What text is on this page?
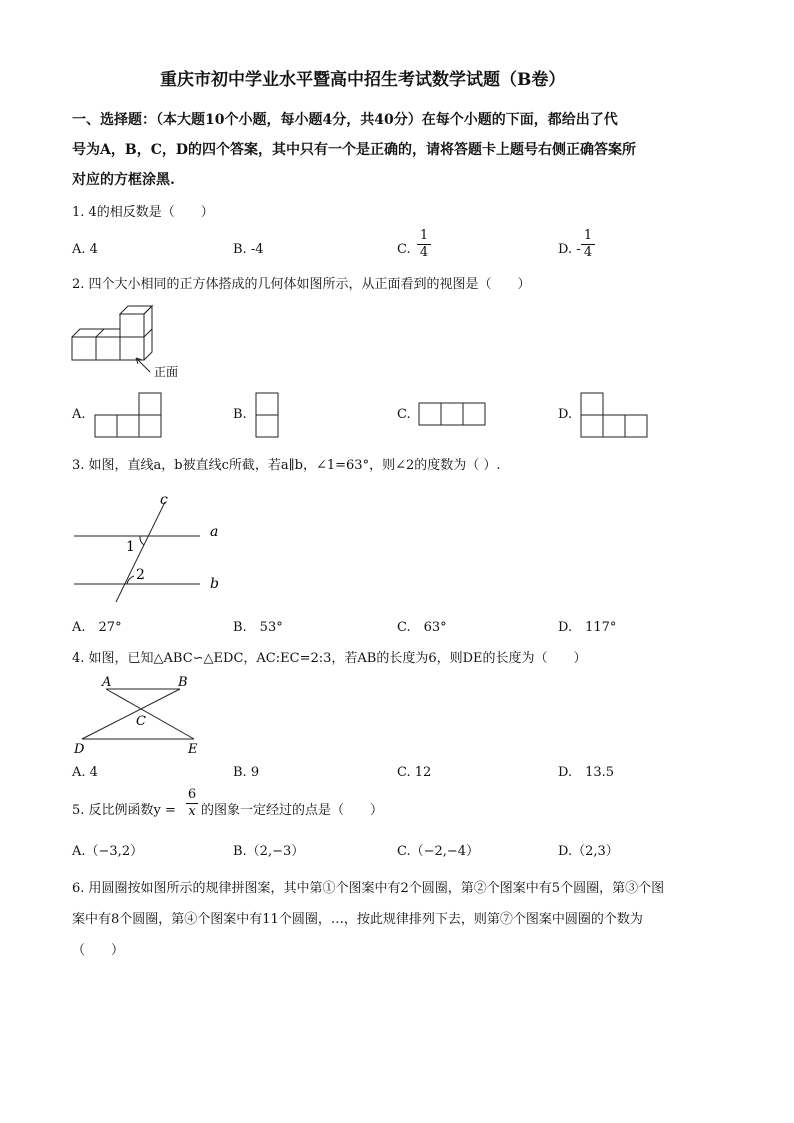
重庆市初中学业水平暨高中招生考试数学试题（B卷）
一、选择题：（本大题10个小题，每小题4分，共40分）在每个小题的下面，都给出了代
号为A，B，C，D的四个答案，其中只有一个是正确的，请将答题卡上题号右侧正确答案所
对应的方框涂黑.
1. 4的相反数是（　　）
A. 4	B. -4	C.
1
4	D. -
1
4
2. 四个大小相同的正方体搭成的几何体如图所示，从正面看到的视图是（　　）
正面
A.	B.	C.	D.
3. 如图，直线a，b被直线c所截，若a∥b，∠1=63°，则∠2的度数为（ ）.
c
a
b
1
2
A.　27°	B.　53°	C.　63°	D.　117°
4. 如图，已知△ABC∽△EDC，AC:EC=2:3，若AB的长度为6，则DE的长度为（　　）
A	B
C
D	E
A. 4	B. 9	C. 12	D.　13.5
5. 反比例函数y =
6
x 的图象一定经过的点是（　　）
A.（−3,2）	B.（2,−3）	C.（−2,−4）	D.（2,3）
6. 用圆圈按如图所示的规律拼图案，其中第①个图案中有2个圆圈，第②个图案中有5个圆圈，第③个图
案中有8个圆圈，第④个图案中有11个圆圈，…，按此规律排列下去，则第⑦个图案中圆圈的个数为
（　　）
